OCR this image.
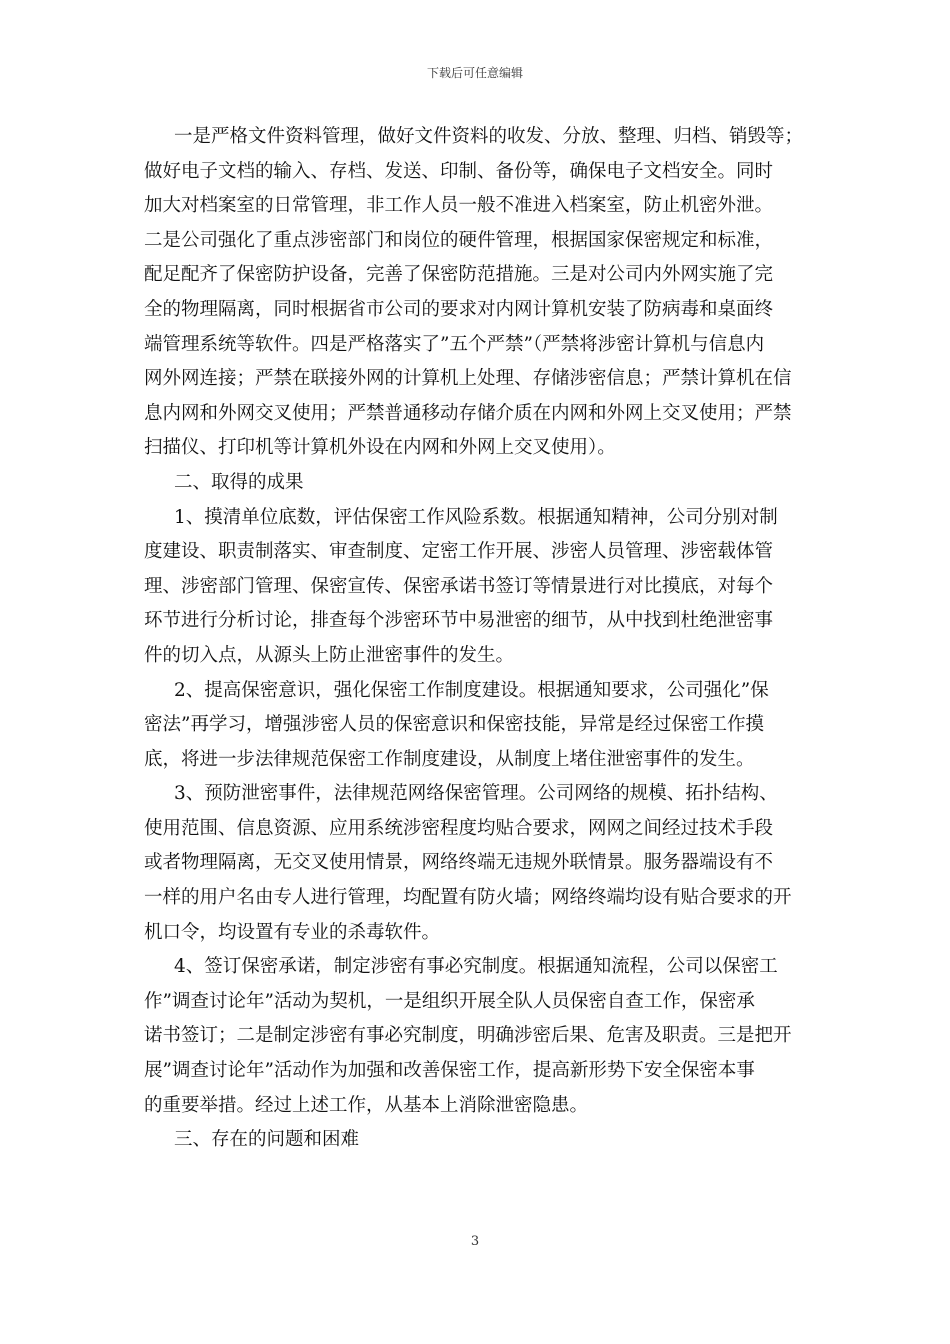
下载后可任意编辑
一是严格文件资料管理，做好文件资料的收发、分放、整理、归档、销毁等；
做好电子文档的输入、存档、发送、印制、备份等，确保电子文档安全。同时
加大对档案室的日常管理，非工作人员一般不准进入档案室，防止机密外泄。
二是公司强化了重点涉密部门和岗位的硬件管理，根据国家保密规定和标准，
配足配齐了保密防护设备，完善了保密防范措施。三是对公司内外网实施了完
全的物理隔离，同时根据省市公司的要求对内网计算机安装了防病毒和桌面终
端管理系统等软件。四是严格落实了”五个严禁”（严禁将涉密计算机与信息内
网外网连接；严禁在联接外网的计算机上处理、存储涉密信息；严禁计算机在信
息内网和外网交叉使用；严禁普通移动存储介质在内网和外网上交叉使用；严禁
扫描仪、打印机等计算机外设在内网和外网上交叉使用）。
二、取得的成果
1、摸清单位底数，评估保密工作风险系数。根据通知精神，公司分别对制
度建设、职责制落实、审查制度、定密工作开展、涉密人员管理、涉密载体管
理、涉密部门管理、保密宣传、保密承诺书签订等情景进行对比摸底，对每个
环节进行分析讨论，排查每个涉密环节中易泄密的细节，从中找到杜绝泄密事
件的切入点，从源头上防止泄密事件的发生。
2、提高保密意识，强化保密工作制度建设。根据通知要求，公司强化”保
密法”再学习，增强涉密人员的保密意识和保密技能，异常是经过保密工作摸
底，将进一步法律规范保密工作制度建设，从制度上堵住泄密事件的发生。
3、预防泄密事件，法律规范网络保密管理。公司网络的规模、拓扑结构、
使用范围、信息资源、应用系统涉密程度均贴合要求，网网之间经过技术手段
或者物理隔离，无交叉使用情景，网络终端无违规外联情景。服务器端设有不
一样的用户名由专人进行管理，均配置有防火墙；网络终端均设有贴合要求的开
机口令，均设置有专业的杀毒软件。
4、签订保密承诺，制定涉密有事必究制度。根据通知流程，公司以保密工
作”调查讨论年”活动为契机，一是组织开展全队人员保密自查工作，保密承
诺书签订；二是制定涉密有事必究制度，明确涉密后果、危害及职责。三是把开
展”调查讨论年”活动作为加强和改善保密工作，提高新形势下安全保密本事
的重要举措。经过上述工作，从基本上消除泄密隐患。
三、存在的问题和困难
3
